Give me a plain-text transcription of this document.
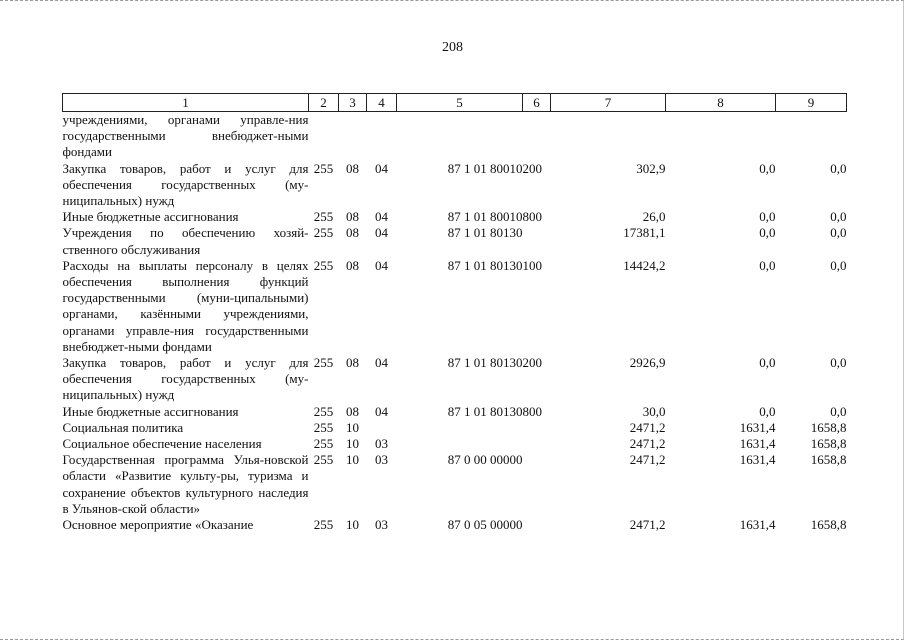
208
1	2	3	4	5	6	7	8	9
учреждениями, органами управле-ния государственными внебюджет-ными фондами								
Закупка товаров, работ и услуг для обеспечения государственных (му-ниципальных) нужд	255	08	04	87 1 01 80010	200	302,9	0,0	0,0
Иные бюджетные ассигнования	255	08	04	87 1 01 80010	800	26,0	0,0	0,0
Учреждения по обеспечению хозяй-ственного обслуживания	255	08	04	87 1 01 80130		17381,1	0,0	0,0
Расходы на выплаты персоналу в целях обеспечения выполнения функций государственными (муни-ципальными) органами, казёнными учреждениями, органами управле-ния государственными внебюджет-ными фондами	255	08	04	87 1 01 80130	100	14424,2	0,0	0,0
Закупка товаров, работ и услуг для обеспечения государственных (му-ниципальных) нужд	255	08	04	87 1 01 80130	200	2926,9	0,0	0,0
Иные бюджетные ассигнования	255	08	04	87 1 01 80130	800	30,0	0,0	0,0
Социальная политика	255	10				2471,2	1631,4	1658,8
Социальное обеспечение населения	255	10	03			2471,2	1631,4	1658,8
Государственная программа Улья-новской области «Развитие культу-ры, туризма и сохранение объектов культурного наследия в Ульянов-ской области»	255	10	03	87 0 00 00000		2471,2	1631,4	1658,8
Основное мероприятие «Оказание	255	10	03	87 0 05 00000		2471,2	1631,4	1658,8
